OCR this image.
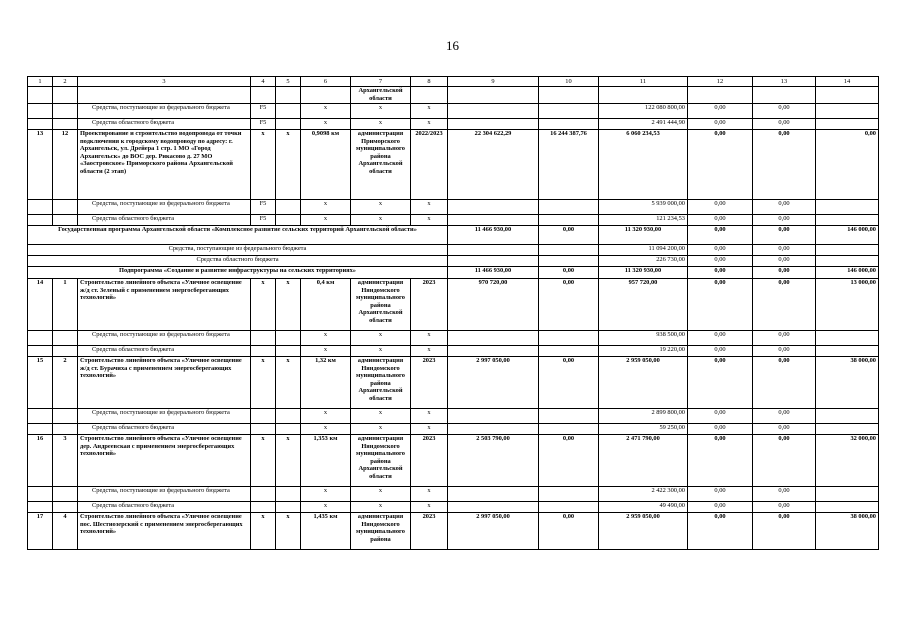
16
1	2	3	4	5	6	7	8	9	10	11	12	13	14
						Архангельской области							
		Средства, поступающие из федерального бюджета	F5		x	x	x			122 080 800,00	0,00	0,00	
		Средства областного бюджета	F5		x	x	x			2 491 444,90	0,00	0,00	
13	12	Проектирование и строительство водопровода от точки подключения к городскому водопроводу по адресу: г. Архангельск, ул. Дрейера 1 стр. 1 МО «Город Архангельск» до ВОС дер. Рикасово д. 27 МО «Заостровское» Приморского района Архангельской области (2 этап)	x	x	0,9098 км	администрация Приморского муниципального района Архангельской области	2022/2023	22 304 622,29	16 244 387,76	6 060 234,53	0,00	0,00	0,00
		Средства, поступающие из федерального бюджета	F5		x	x	x			5 939 000,00	0,00	0,00	
		Средства областного бюджета	F5		x	x	x			121 234,53	0,00	0,00	
Государственная программа Архангельской области «Комплексное развитие сельских территорий Архангельской области»								11 466 930,00	0,00	11 320 930,00	0,00	0,00	146 000,00
Средства, поступающие из федерального бюджета										11 094 200,00	0,00	0,00	
Средства областного бюджета										226 730,00	0,00	0,00	
Подпрограмма «Создание и развитие инфраструктуры на сельских территориях»								11 466 930,00	0,00	11 320 930,00	0,00	0,00	146 000,00
14	1	Строительство линейного объекта «Уличное освещение ж/д ст. Зеленый с применением энергосберегающих технологий»	x	x	0,4 км	администрация Няндомского муниципального района Архангельской области	2023	970 720,00	0,00	957 720,00	0,00	0,00	13 000,00
		Средства, поступающие из федерального бюджета			x	x	x			938 500,00	0,00	0,00	
		Средства областного бюджета			x	x	x			19 220,00	0,00	0,00	
15	2	Строительство линейного объекта «Уличное освещение ж/д ст. Бурачиха с применением энергосберегающих технологий»	x	x	1,32 км	администрация Няндомского муниципального района Архангельской области	2023	2 997 050,00	0,00	2 959 050,00	0,00	0,00	38 000,00
		Средства, поступающие из федерального бюджета			x	x	x			2 899 800,00	0,00	0,00	
		Средства областного бюджета			x	x	x			59 250,00	0,00	0,00	
16	3	Строительство линейного объекта «Уличное освещение дер. Андреевская с применением энергосберегающих технологий»	x	x	1,353 км	администрация Няндомского муниципального района Архангельской области	2023	2 503 790,00	0,00	2 471 790,00	0,00	0,00	32 000,00
		Средства, поступающие из федерального бюджета			x	x	x			2 422 300,00	0,00	0,00	
		Средства областного бюджета			x	x	x			49 490,00	0,00	0,00	
17	4	Строительство линейного объекта «Уличное освещение пос. Шестиозерский с применением энергосберегающих технологий»	x	x	1,435 км	администрация Няндомского муниципального района	2023	2 997 050,00	0,00	2 959 050,00	0,00	0,00	38 000,00
